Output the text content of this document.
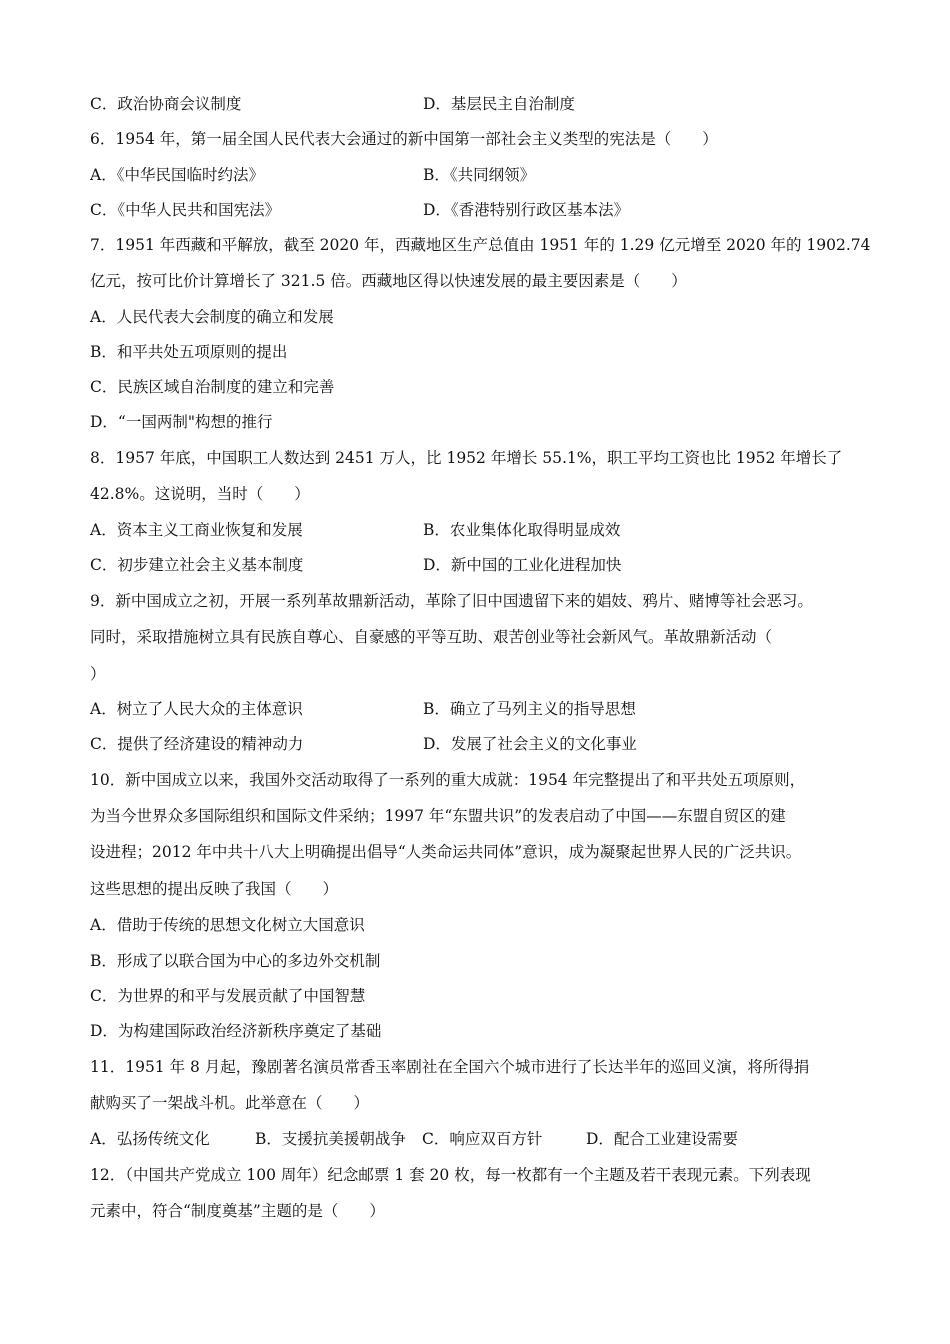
C．政治协商会议制度	D．基层民主自治制度
6．1954 年，第一届全国人民代表大会通过的新中国第一部社会主义类型的宪法是（　　）
A．《中华民国临时约法》	B．《共同纲领》
C．《中华人民共和国宪法》	D．《香港特别行政区基本法》
7．1951 年西藏和平解放，截至 2020 年，西藏地区生产总值由 1951 年的 1.29 亿元增至 2020 年的 1902.74
亿元，按可比价计算增长了 321.5 倍。西藏地区得以快速发展的最主要因素是（　　）
A．人民代表大会制度的确立和发展
B．和平共处五项原则的提出
C．民族区域自治制度的建立和完善
D．“一国两制"构想的推行
8．1957 年底，中国职工人数达到 2451 万人，比 1952 年增长 55.1%，职工平均工资也比 1952 年增长了
42.8%。这说明，当时（　　）
A．资本主义工商业恢复和发展	B．农业集体化取得明显成效
C．初步建立社会主义基本制度	D．新中国的工业化进程加快
9．新中国成立之初，开展一系列革故鼎新活动，革除了旧中国遗留下来的娼妓、鸦片、赌博等社会恶习。
同时，采取措施树立具有民族自尊心、自豪感的平等互助、艰苦创业等社会新风气。革故鼎新活动（
）
A．树立了人民大众的主体意识	B．确立了马列主义的指导思想
C．提供了经济建设的精神动力	D．发展了社会主义的文化事业
10．新中国成立以来，我国外交活动取得了一系列的重大成就：1954 年完整提出了和平共处五项原则，
为当今世界众多国际组织和国际文件采纳；1997 年“东盟共识”的发表启动了中国——东盟自贸区的建
设进程；2012 年中共十八大上明确提出倡导“人类命运共同体”意识，成为凝聚起世界人民的广泛共识。
这些思想的提出反映了我国（　　）
A．借助于传统的思想文化树立大国意识
B．形成了以联合国为中心的多边外交机制
C．为世界的和平与发展贡献了中国智慧
D．为构建国际政治经济新秩序奠定了基础
11．1951 年 8 月起，豫剧著名演员常香玉率剧社在全国六个城市进行了长达半年的巡回义演，将所得捐
献购买了一架战斗机。此举意在（　　）
A．弘扬传统文化	B．支援抗美援朝战争 C．响应双百方针	D．配合工业建设需要
12．（中国共产党成立 100 周年）纪念邮票 1 套 20 枚，每一枚都有一个主题及若干表现元素。下列表现
元素中，符合“制度奠基”主题的是（　　）
